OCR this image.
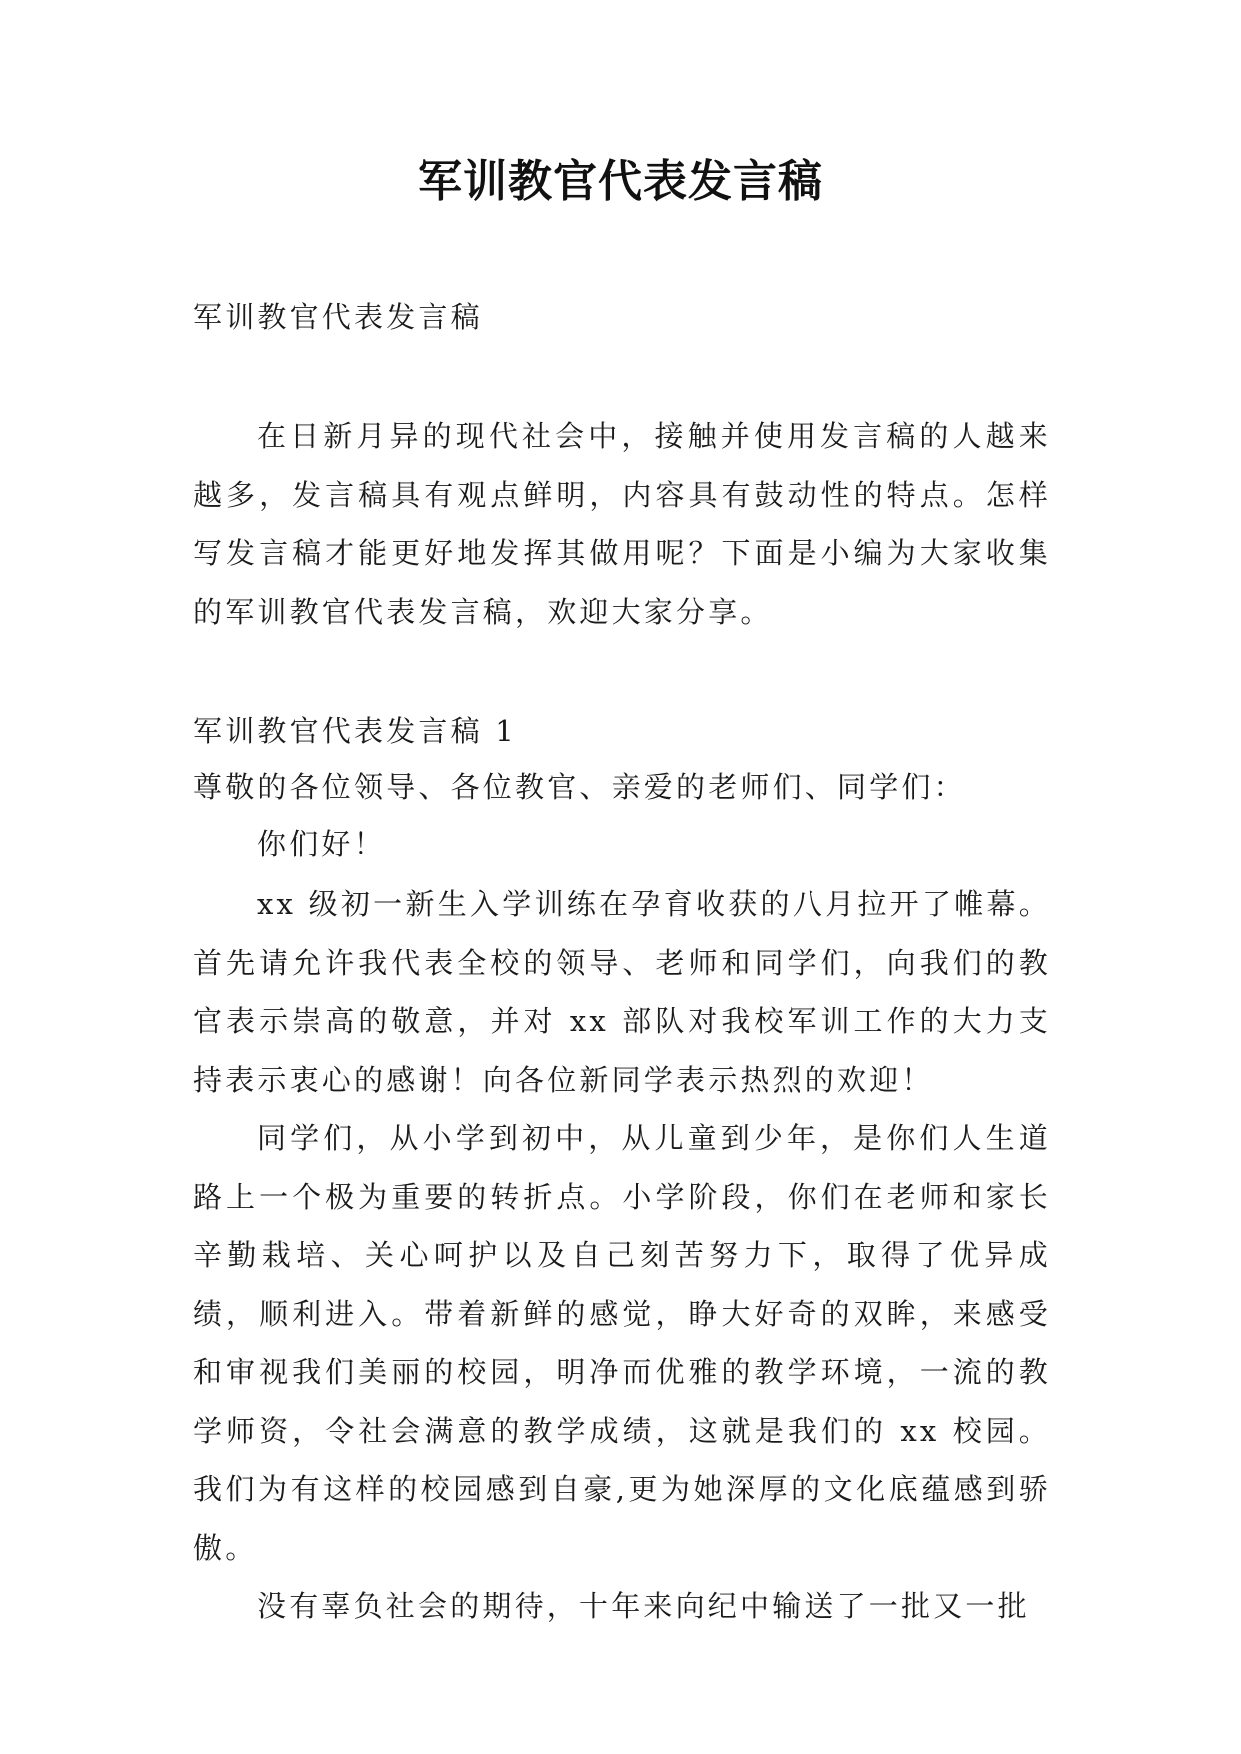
军训教官代表发言稿

军训教官代表发言稿

在日新月异的现代社会中，接触并使用发言稿的人越来越多，发言稿具有观点鲜明，内容具有鼓动性的特点。怎样写发言稿才能更好地发挥其做用呢？下面是小编为大家收集的军训教官代表发言稿，欢迎大家分享。

军训教官代表发言稿 1

尊敬的各位领导、各位教官、亲爱的老师们、同学们：

你们好！

xx 级初一新生入学训练在孕育收获的八月拉开了帷幕。首先请允许我代表全校的领导、老师和同学们，向我们的教官表示崇高的敬意，并对 xx 部队对我校军训工作的大力支持表示衷心的感谢！向各位新同学表示热烈的欢迎！

同学们，从小学到初中，从儿童到少年，是你们人生道路上一个极为重要的转折点。小学阶段，你们在老师和家长辛勤栽培、关心呵护以及自己刻苦努力下，取得了优异成绩，顺利进入。带着新鲜的感觉，睁大好奇的双眸，来感受和审视我们美丽的校园，明净而优雅的教学环境，一流的教学师资，令社会满意的教学成绩，这就是我们的 xx 校园。我们为有这样的校园感到自豪,更为她深厚的文化底蕴感到骄傲。

没有辜负社会的期待，十年来向纪中输送了一批又一批
